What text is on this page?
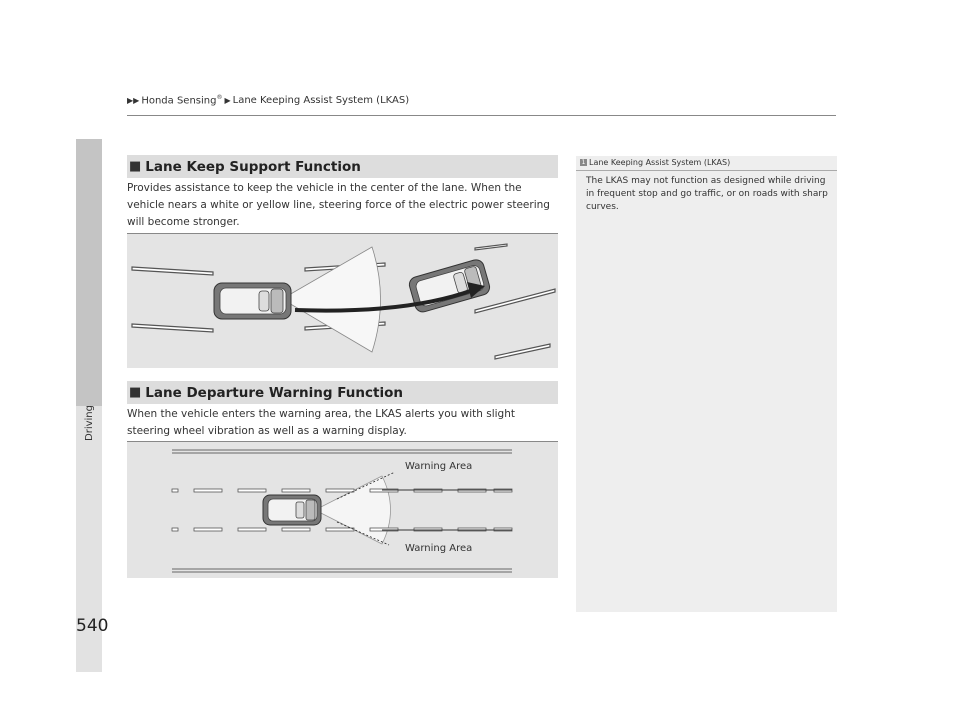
▶▶ Honda Sensing® ▶ Lane Keeping Assist System (LKAS)
Driving
540
■ Lane Keep Support Function
Provides assistance to keep the vehicle in the center of the lane. When the vehicle nears a white or yellow line, steering force of the electric power steering will become stronger.
■ Lane Departure Warning Function
When the vehicle enters the warning area, the LKAS alerts you with slight steering wheel vibration as well as a warning display.
Warning Area
Warning Area
1 Lane Keeping Assist System (LKAS)
The LKAS may not function as designed while driving in frequent stop and go traffic, or on roads with sharp curves.
